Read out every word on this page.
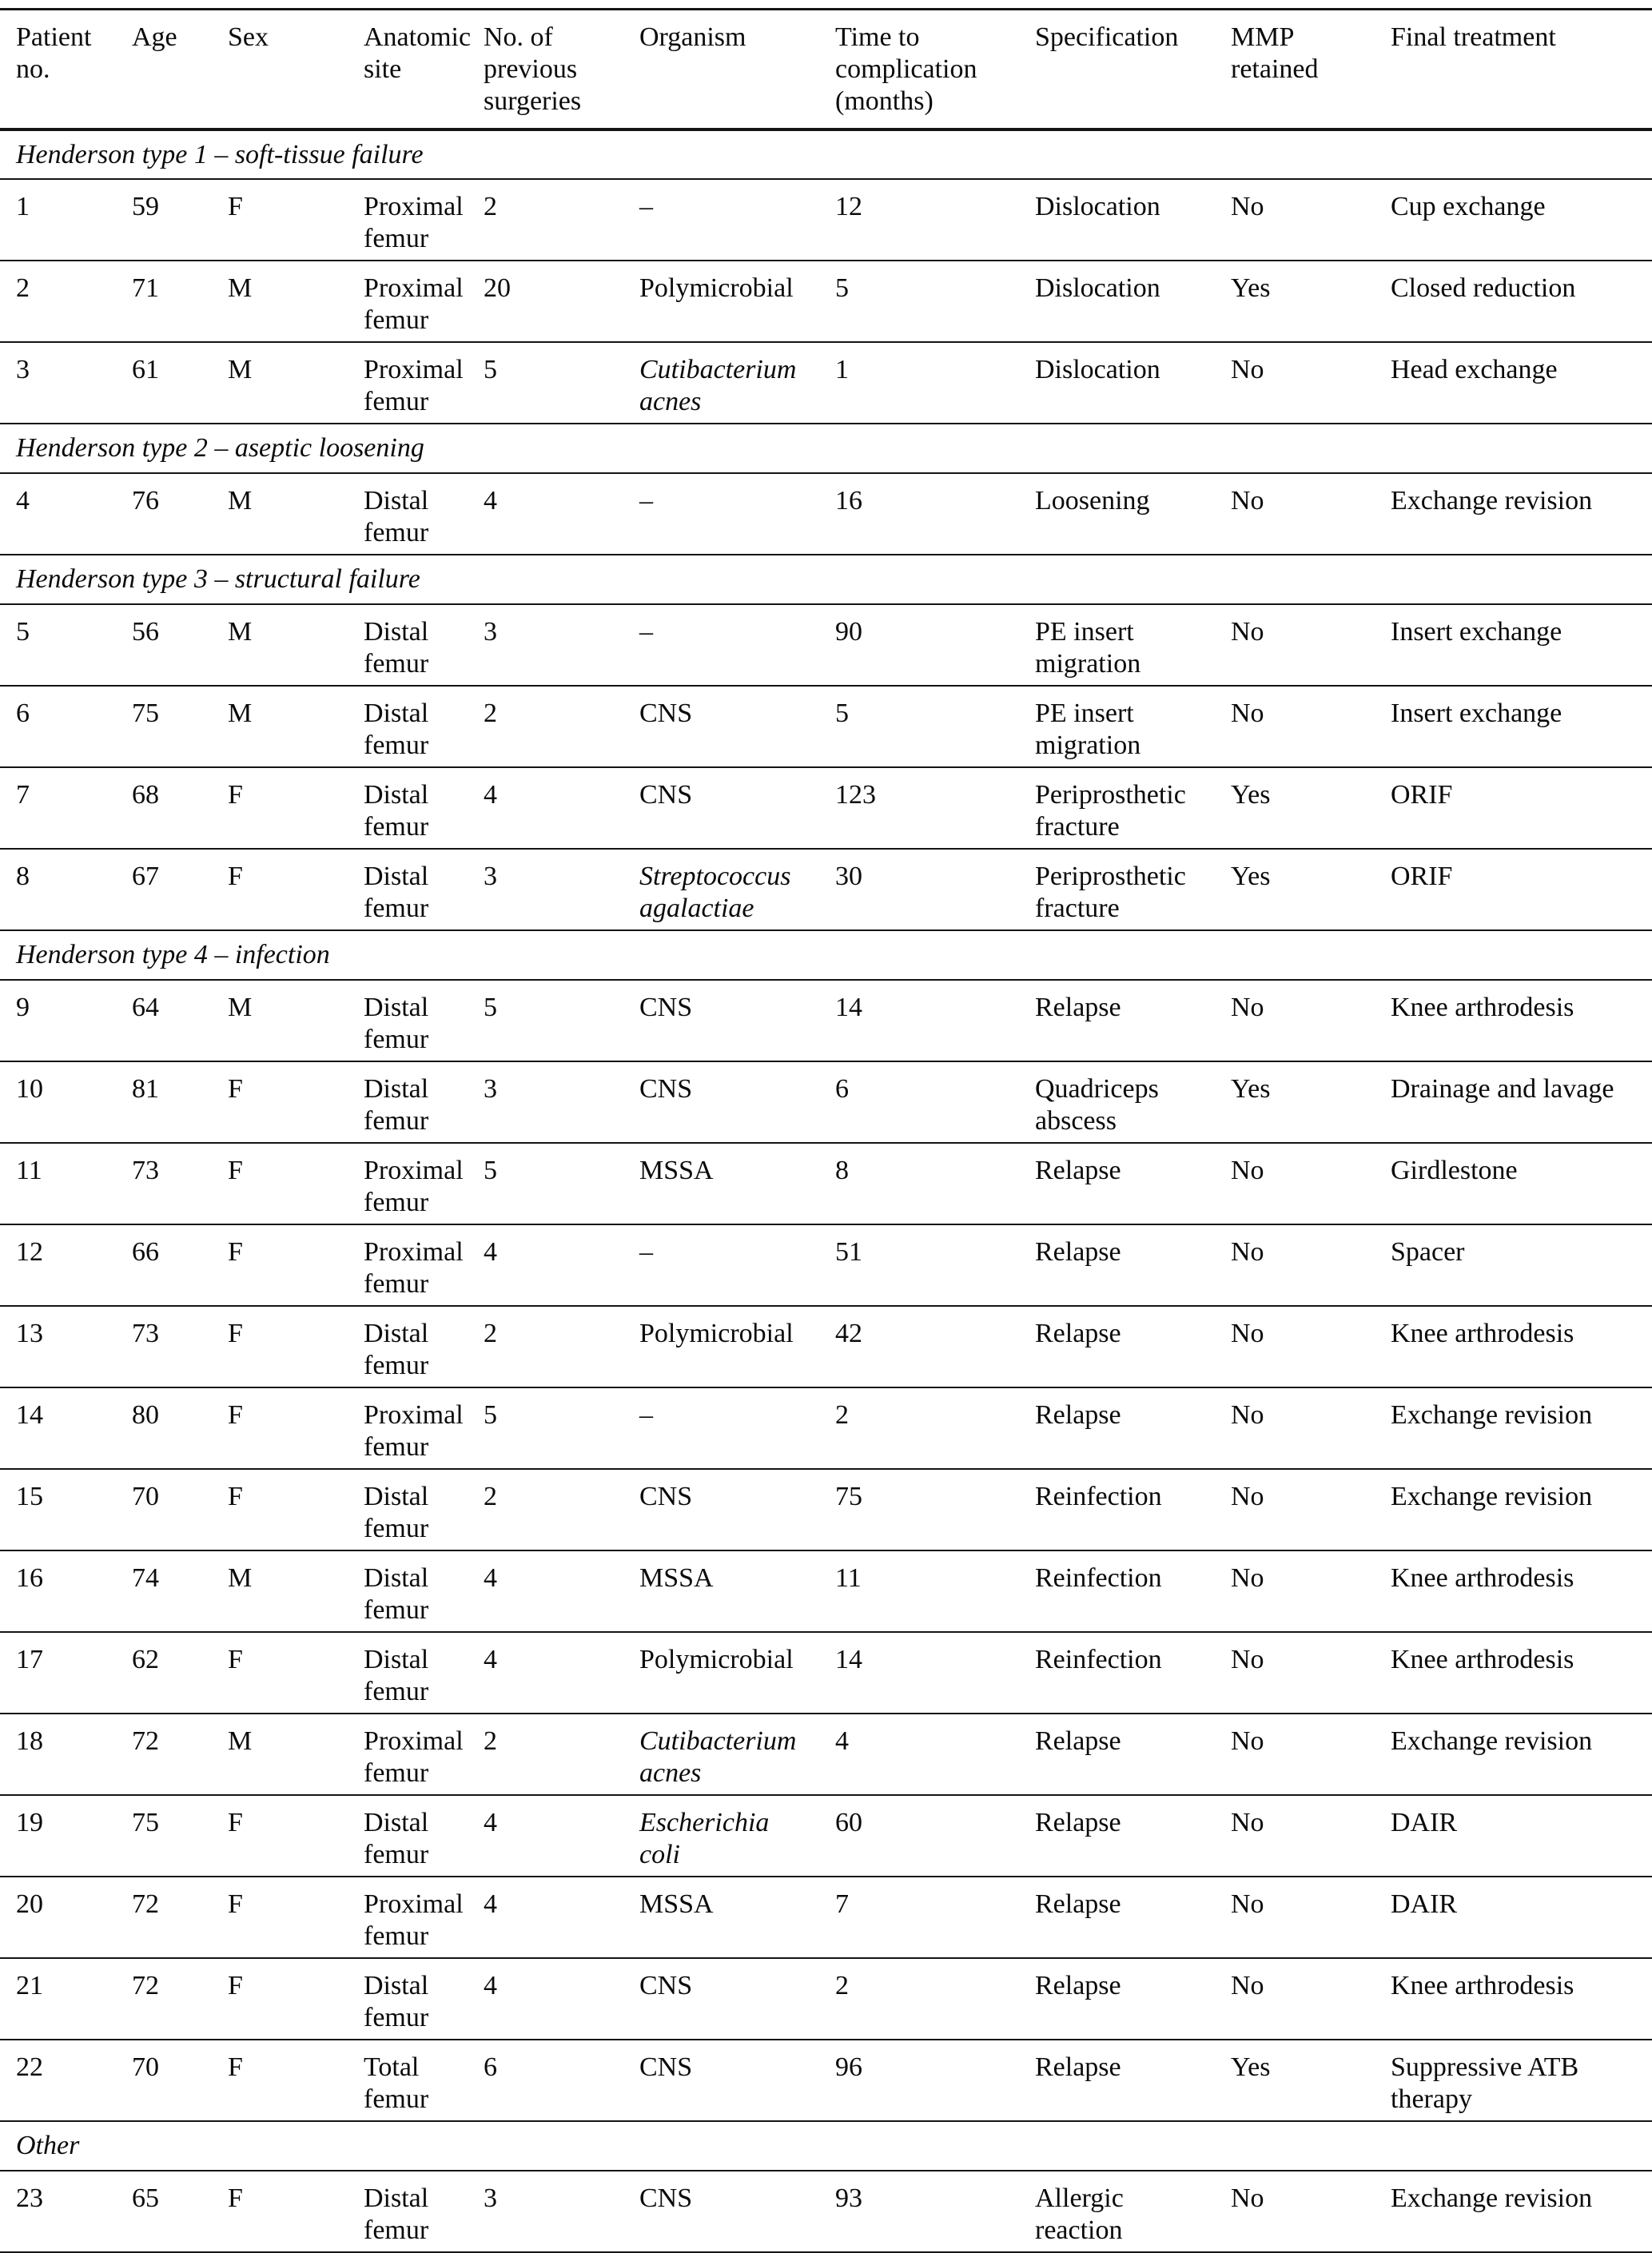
Patient no.	Age	Sex	Anatomic site	No. of previous surgeries	Organism	Time to complication (months)	Specification	MMP retained	Final treatment
Henderson type 1 – soft-tissue failure									
1	59	F	Proximal femur	2	–	12	Dislocation	No	Cup exchange
2	71	M	Proximal femur	20	Polymicrobial	5	Dislocation	Yes	Closed reduction
3	61	M	Proximal femur	5	Cutibacterium acnes	1	Dislocation	No	Head exchange
Henderson type 2 – aseptic loosening									
4	76	M	Distal femur	4	–	16	Loosening	No	Exchange revision
Henderson type 3 – structural failure									
5	56	M	Distal femur	3	–	90	PE insert migration	No	Insert exchange
6	75	M	Distal femur	2	CNS	5	PE insert migration	No	Insert exchange
7	68	F	Distal femur	4	CNS	123	Periprosthetic fracture	Yes	ORIF
8	67	F	Distal femur	3	Streptococcus agalactiae	30	Periprosthetic fracture	Yes	ORIF
Henderson type 4 – infection									
9	64	M	Distal femur	5	CNS	14	Relapse	No	Knee arthrodesis
10	81	F	Distal femur	3	CNS	6	Quadriceps abscess	Yes	Drainage and lavage
11	73	F	Proximal femur	5	MSSA	8	Relapse	No	Girdlestone
12	66	F	Proximal femur	4	–	51	Relapse	No	Spacer
13	73	F	Distal femur	2	Polymicrobial	42	Relapse	No	Knee arthrodesis
14	80	F	Proximal femur	5	–	2	Relapse	No	Exchange revision
15	70	F	Distal femur	2	CNS	75	Reinfection	No	Exchange revision
16	74	M	Distal femur	4	MSSA	11	Reinfection	No	Knee arthrodesis
17	62	F	Distal femur	4	Polymicrobial	14	Reinfection	No	Knee arthrodesis
18	72	M	Proximal femur	2	Cutibacterium acnes	4	Relapse	No	Exchange revision
19	75	F	Distal femur	4	Escherichia coli	60	Relapse	No	DAIR
20	72	F	Proximal femur	4	MSSA	7	Relapse	No	DAIR
21	72	F	Distal femur	4	CNS	2	Relapse	No	Knee arthrodesis
22	70	F	Total femur	6	CNS	96	Relapse	Yes	Suppressive ATB therapy
Other									
23	65	F	Distal femur	3	CNS	93	Allergic reaction	No	Exchange revision
